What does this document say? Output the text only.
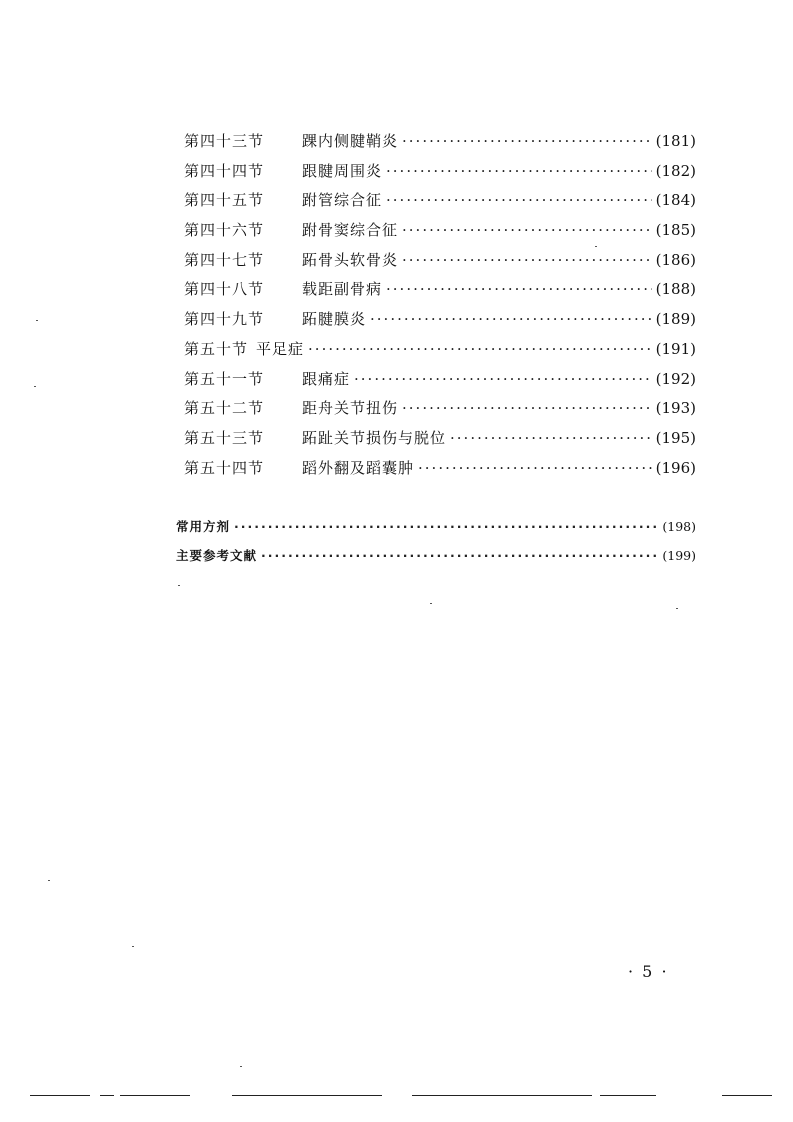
第四十三节	踝内侧腱鞘炎 ·····	(181)
第四十四节	跟腱周围炎 ·····	(182)
第四十五节	跗管综合征 ·····	(184)
第四十六节	跗骨窦综合征 ·····	(185)
第四十七节	跖骨头软骨炎 ·····	(186)
第四十八节	载距副骨病 ·····	(188)
第四十九节	跖腱膜炎 ·····	(189)
第五十节 平足症 ·····	(191)
第五十一节	跟痛症 ·····	(192)
第五十二节	距舟关节扭伤 ·····	(193)
第五十三节	跖趾关节损伤与脱位 ·····	(195)
第五十四节	蹈外翻及蹈囊肿 ·····	(196)
常用方剂 ·····	(198)
主要参考文献 ·····	(199)
· 5 ·
